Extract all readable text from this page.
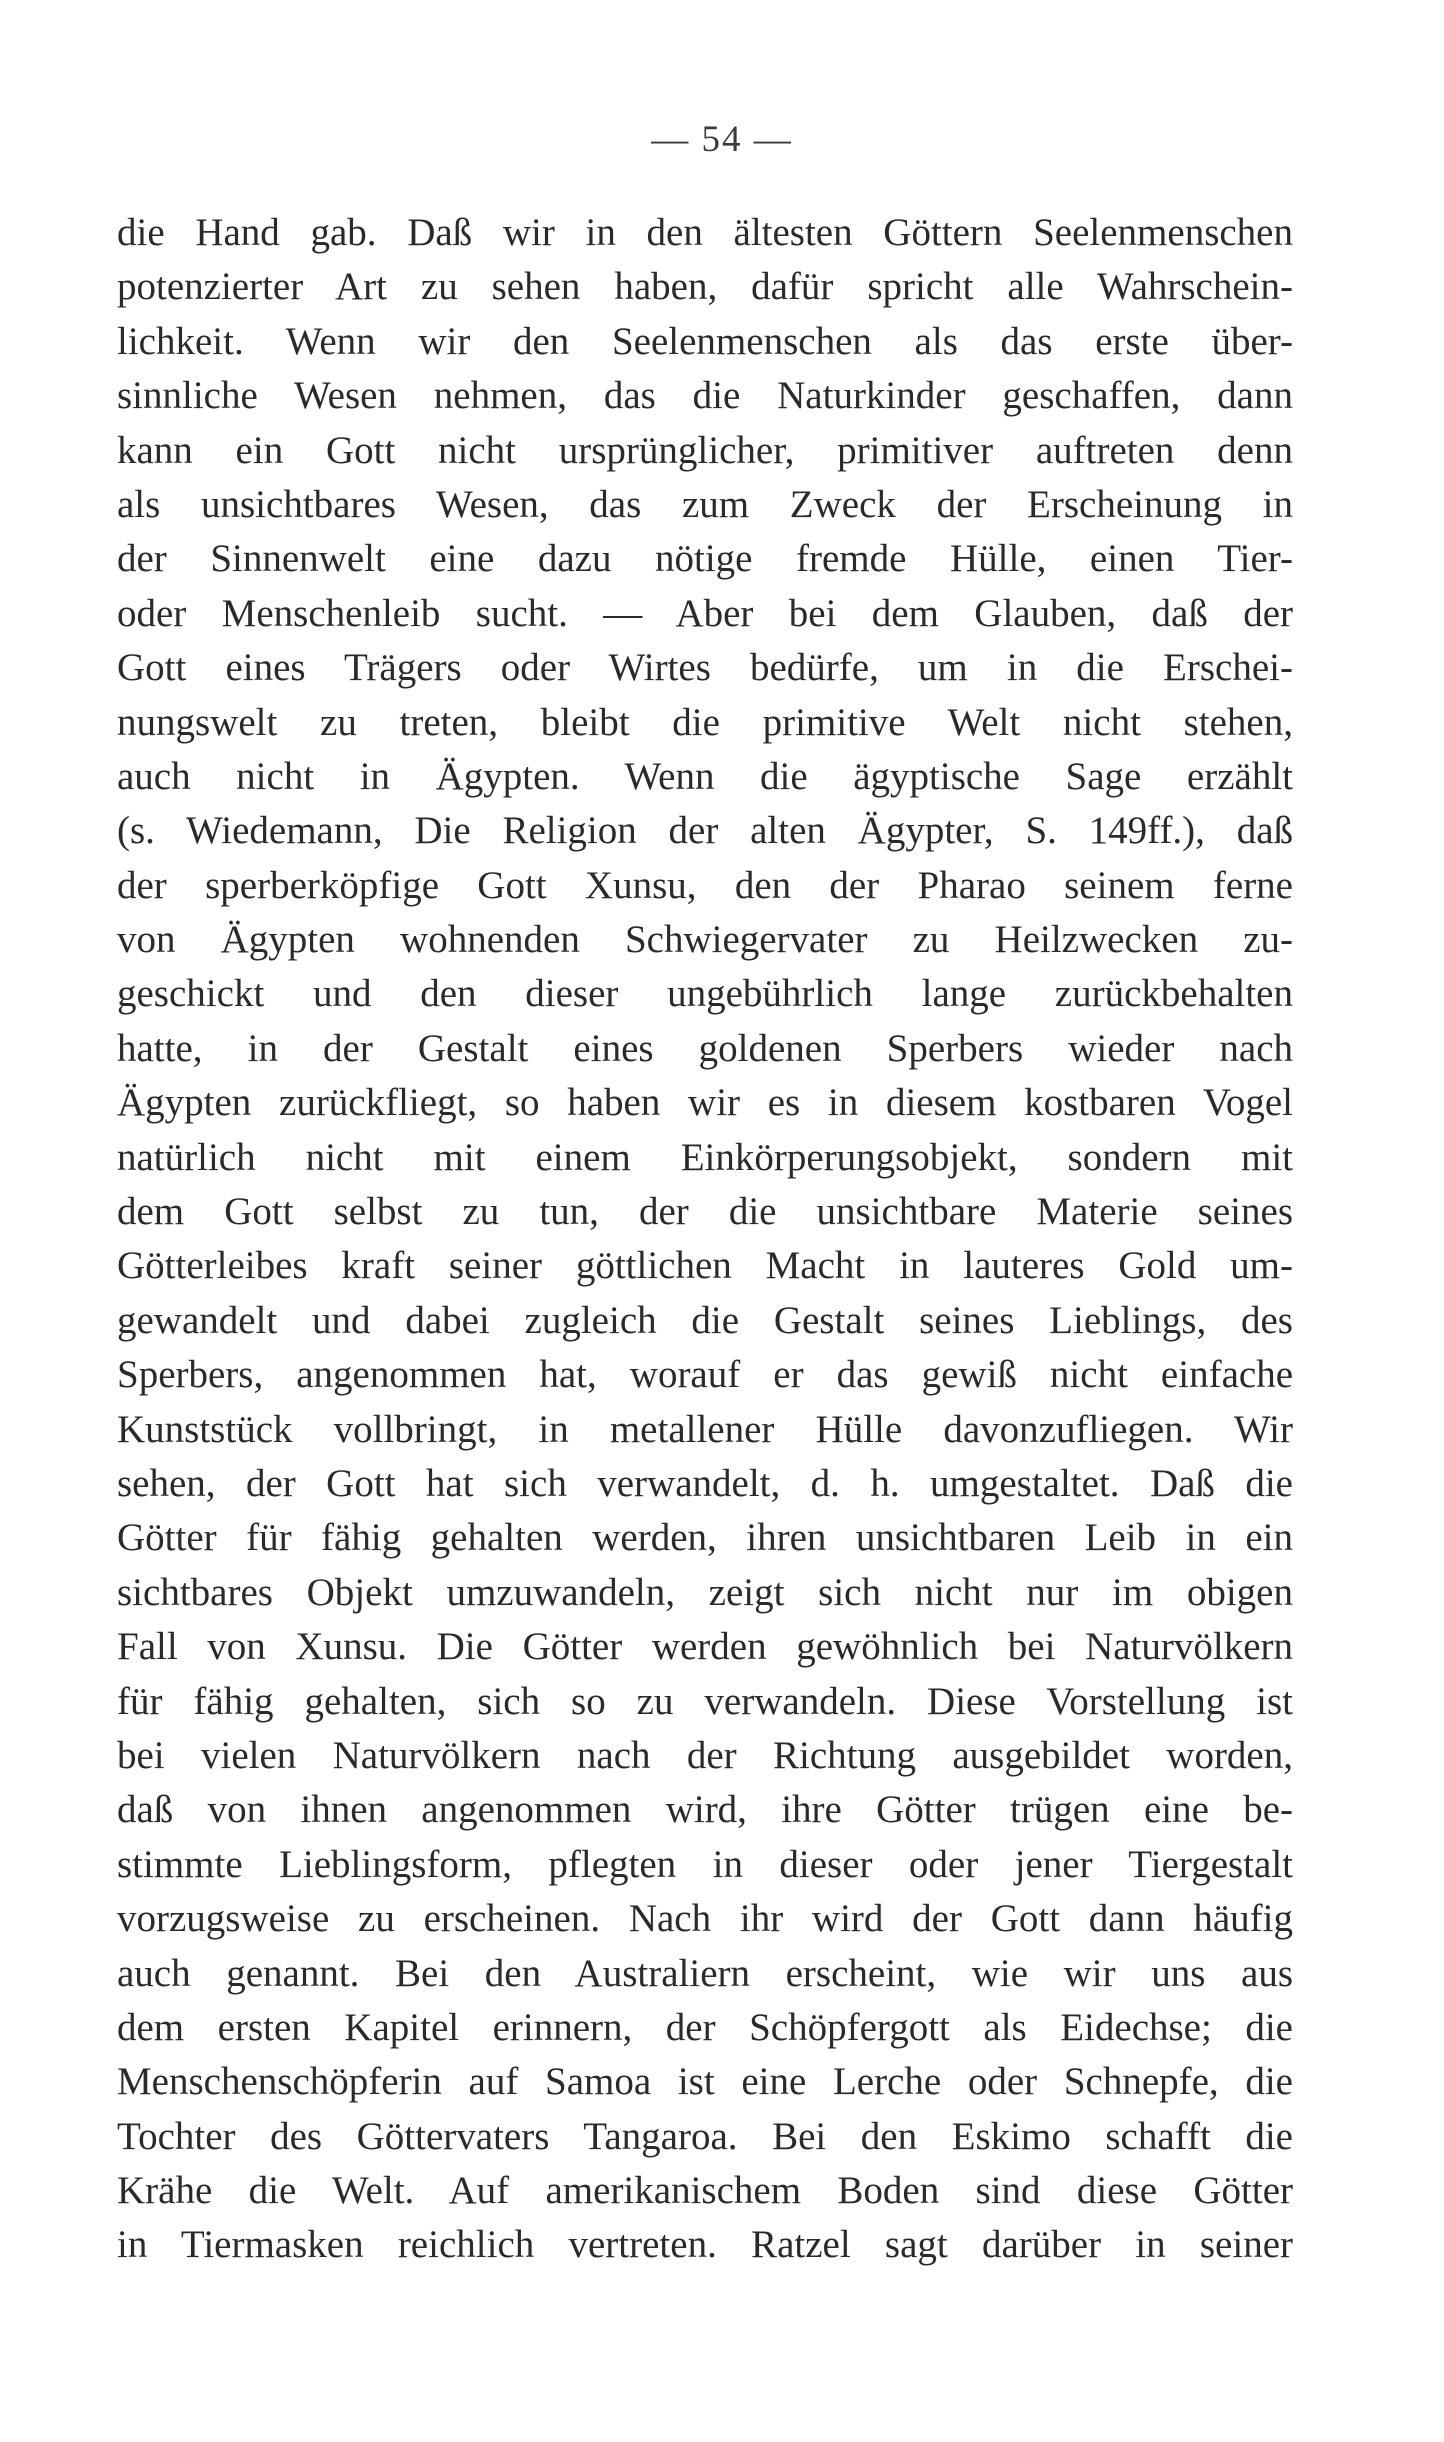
— 54 —
die Hand gab. Daß wir in den ältesten Göttern Seelenmenschen
potenzierter Art zu sehen haben, dafür spricht alle Wahrschein-
lichkeit. Wenn wir den Seelenmenschen als das erste über-
sinnliche Wesen nehmen, das die Naturkinder geschaffen, dann
kann ein Gott nicht ursprünglicher, primitiver auftreten denn
als unsichtbares Wesen, das zum Zweck der Erscheinung in
der Sinnenwelt eine dazu nötige fremde Hülle, einen Tier-
oder Menschenleib sucht. — Aber bei dem Glauben, daß der
Gott eines Trägers oder Wirtes bedürfe, um in die Erschei-
nungswelt zu treten, bleibt die primitive Welt nicht stehen,
auch nicht in Ägypten. Wenn die ägyptische Sage erzählt
(s. Wiedemann, Die Religion der alten Ägypter, S. 149ff.), daß
der sperberköpfige Gott Xunsu, den der Pharao seinem ferne
von Ägypten wohnenden Schwiegervater zu Heilzwecken zu-
geschickt und den dieser ungebührlich lange zurückbehalten
hatte, in der Gestalt eines goldenen Sperbers wieder nach
Ägypten zurückfliegt, so haben wir es in diesem kostbaren Vogel
natürlich nicht mit einem Einkörperungsobjekt, sondern mit
dem Gott selbst zu tun, der die unsichtbare Materie seines
Götterleibes kraft seiner göttlichen Macht in lauteres Gold um-
gewandelt und dabei zugleich die Gestalt seines Lieblings, des
Sperbers, angenommen hat, worauf er das gewiß nicht einfache
Kunststück vollbringt, in metallener Hülle davonzufliegen. Wir
sehen, der Gott hat sich verwandelt, d. h. umgestaltet. Daß die
Götter für fähig gehalten werden, ihren unsichtbaren Leib in ein
sichtbares Objekt umzuwandeln, zeigt sich nicht nur im obigen
Fall von Xunsu. Die Götter werden gewöhnlich bei Naturvölkern
für fähig gehalten, sich so zu verwandeln. Diese Vorstellung ist
bei vielen Naturvölkern nach der Richtung ausgebildet worden,
daß von ihnen angenommen wird, ihre Götter trügen eine be-
stimmte Lieblingsform, pflegten in dieser oder jener Tiergestalt
vorzugsweise zu erscheinen. Nach ihr wird der Gott dann häufig
auch genannt. Bei den Australiern erscheint, wie wir uns aus
dem ersten Kapitel erinnern, der Schöpfergott als Eidechse; die
Menschenschöpferin auf Samoa ist eine Lerche oder Schnepfe, die
Tochter des Göttervaters Tangaroa. Bei den Eskimo schafft die
Krähe die Welt. Auf amerikanischem Boden sind diese Götter
in Tiermasken reichlich vertreten. Ratzel sagt darüber in seiner
